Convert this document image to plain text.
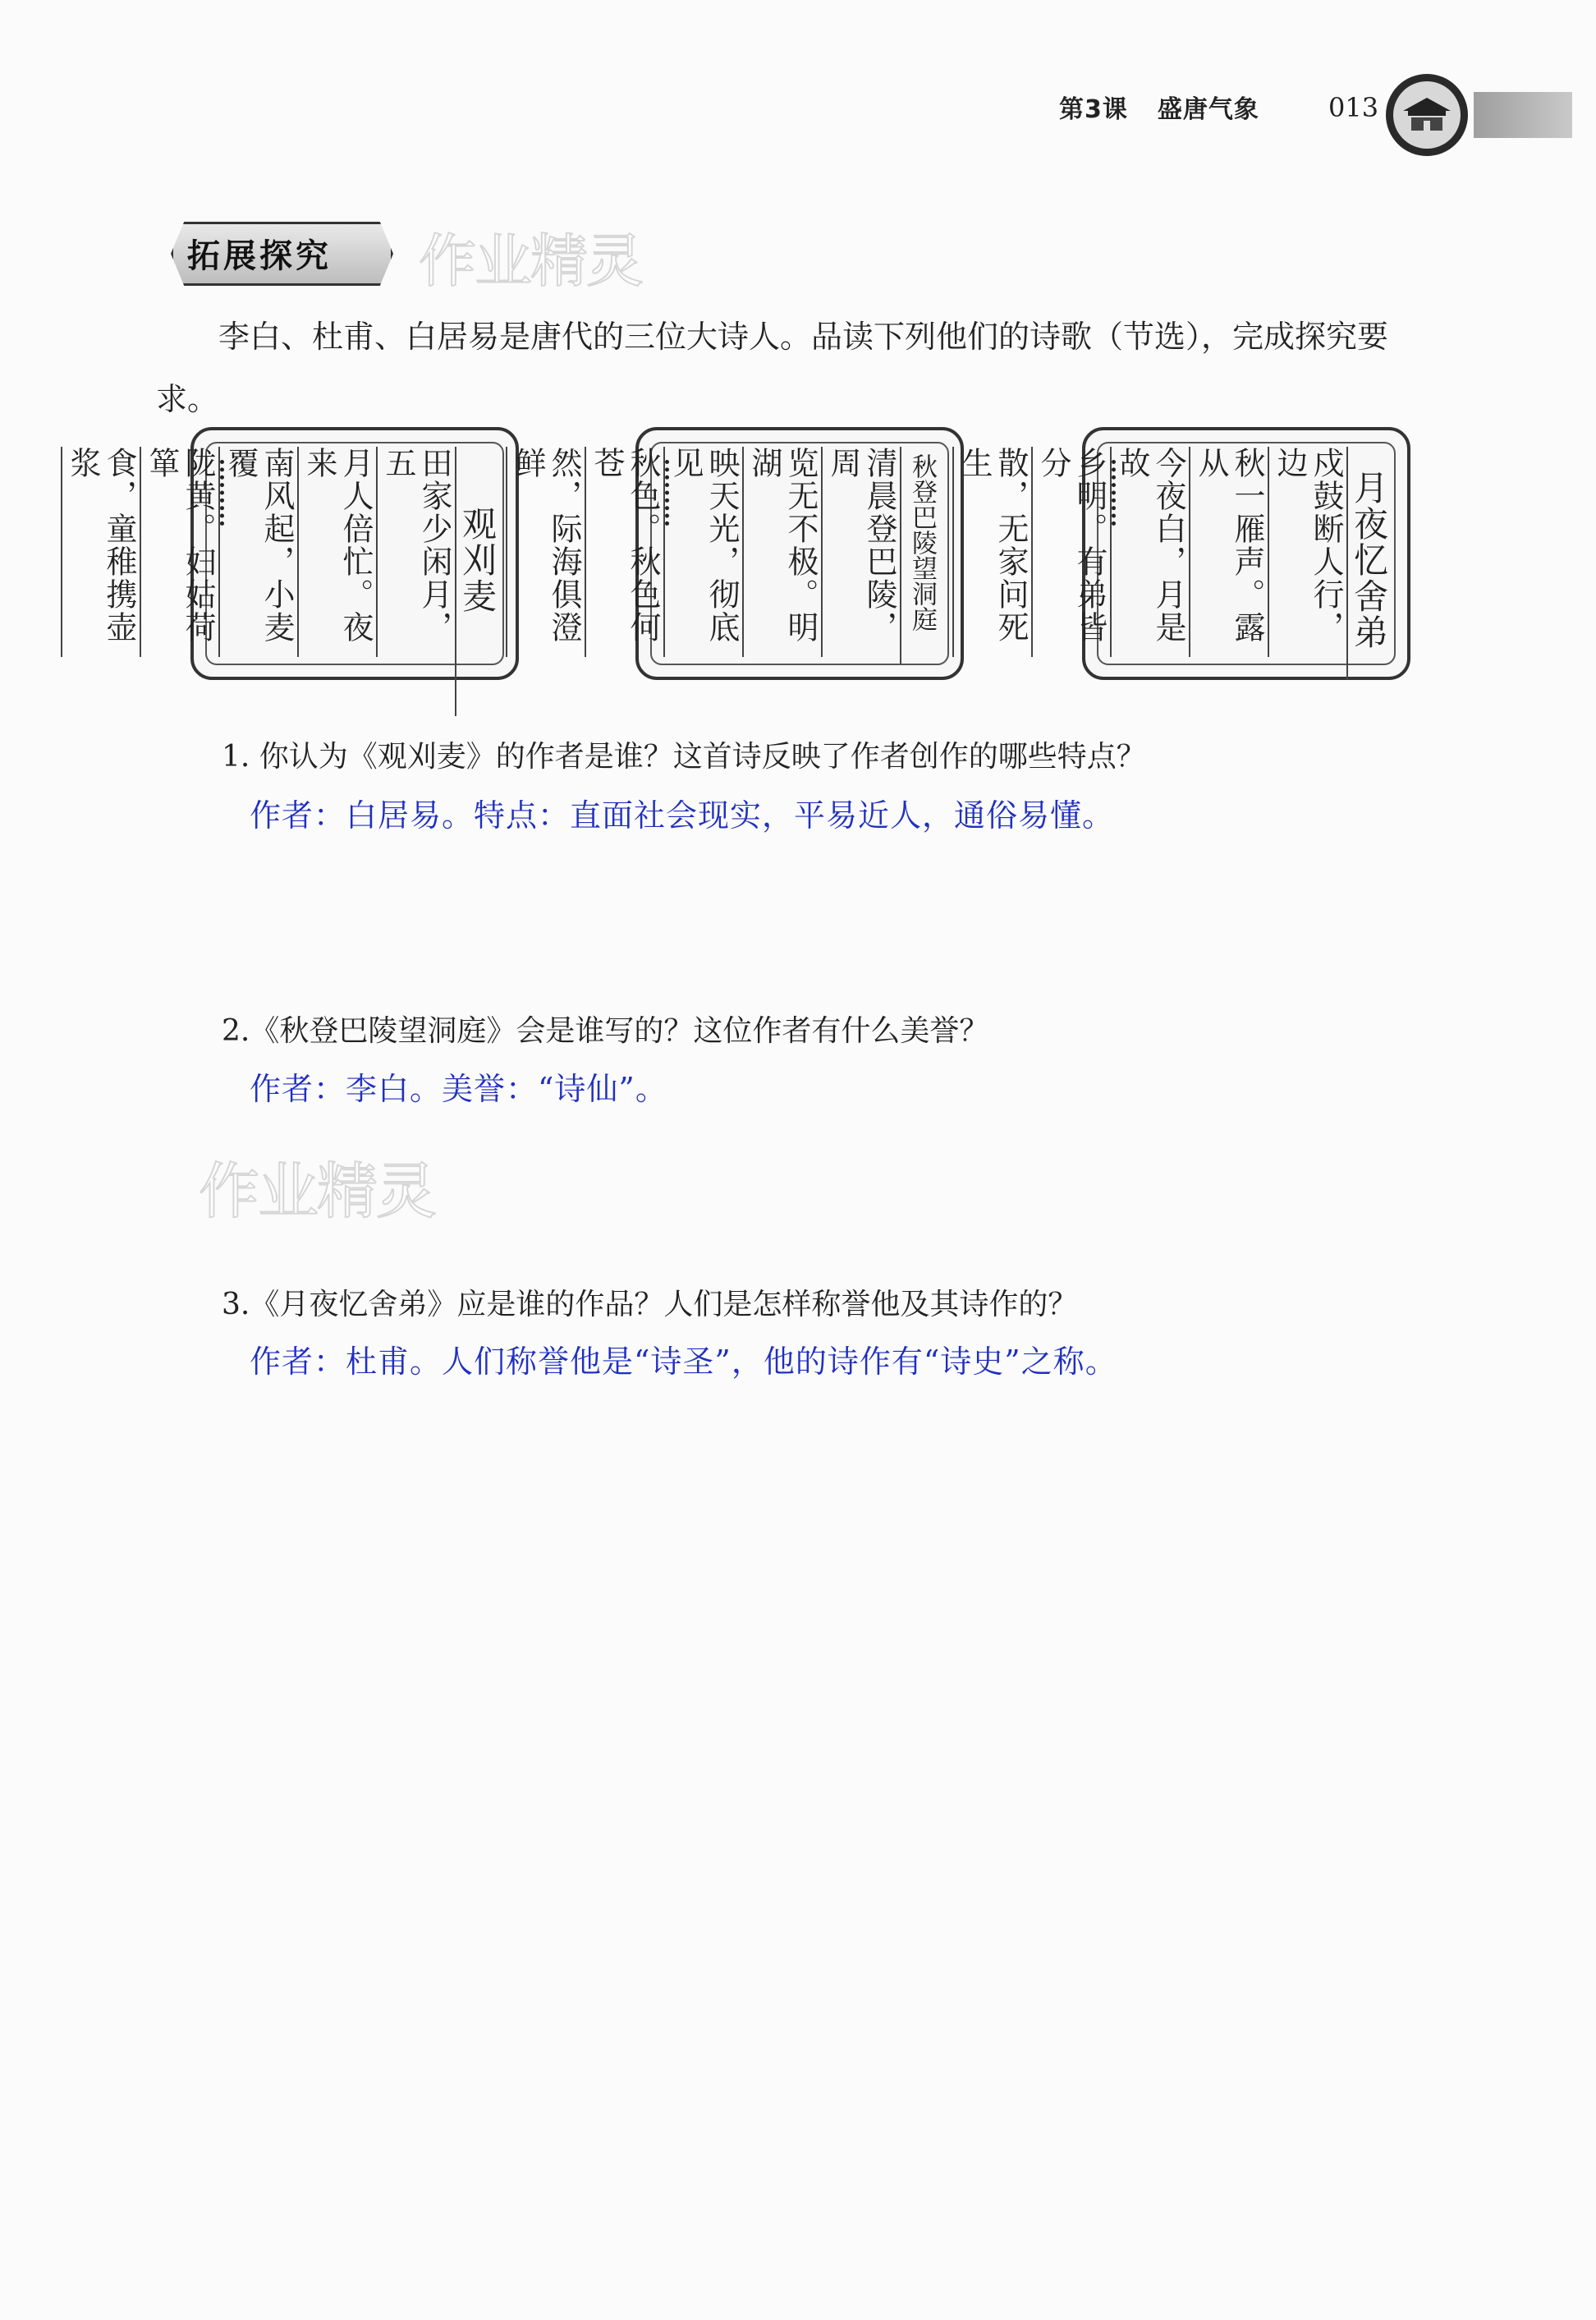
第3课 盛唐气象	013
拓展探究 作业精灵
李白、杜甫、白居易是唐代的三位大诗人。品读下列他们的诗歌（节选），完成探究要求。
观刈麦
田家少闲月，五
月人倍忙。夜来
南风起，小麦覆
陇黄。妇姑荷箪
食，童稚携壶浆	秋登巴陵望洞庭
清晨登巴陵，周
览无不极。明湖
映天光，彻底见
秋色。秋色何苍
然，际海俱澄鲜
月夜忆舍弟
戍鼓断人行，边
秋一雁声。露从
今夜白，月是故
乡明。有弟皆分
散，无家问死生
1. 你认为《观刈麦》的作者是谁？这首诗反映了作者创作的哪些特点？
作者：白居易。特点：直面社会现实，平易近人，通俗易懂。
2.《秋登巴陵望洞庭》会是谁写的？这位作者有什么美誉？
作者：李白。美誉：“诗仙”。
作业精灵
3.《月夜忆舍弟》应是谁的作品？人们是怎样称誉他及其诗作的？
作者：杜甫。人们称誉他是“诗圣”，他的诗作有“诗史”之称。
